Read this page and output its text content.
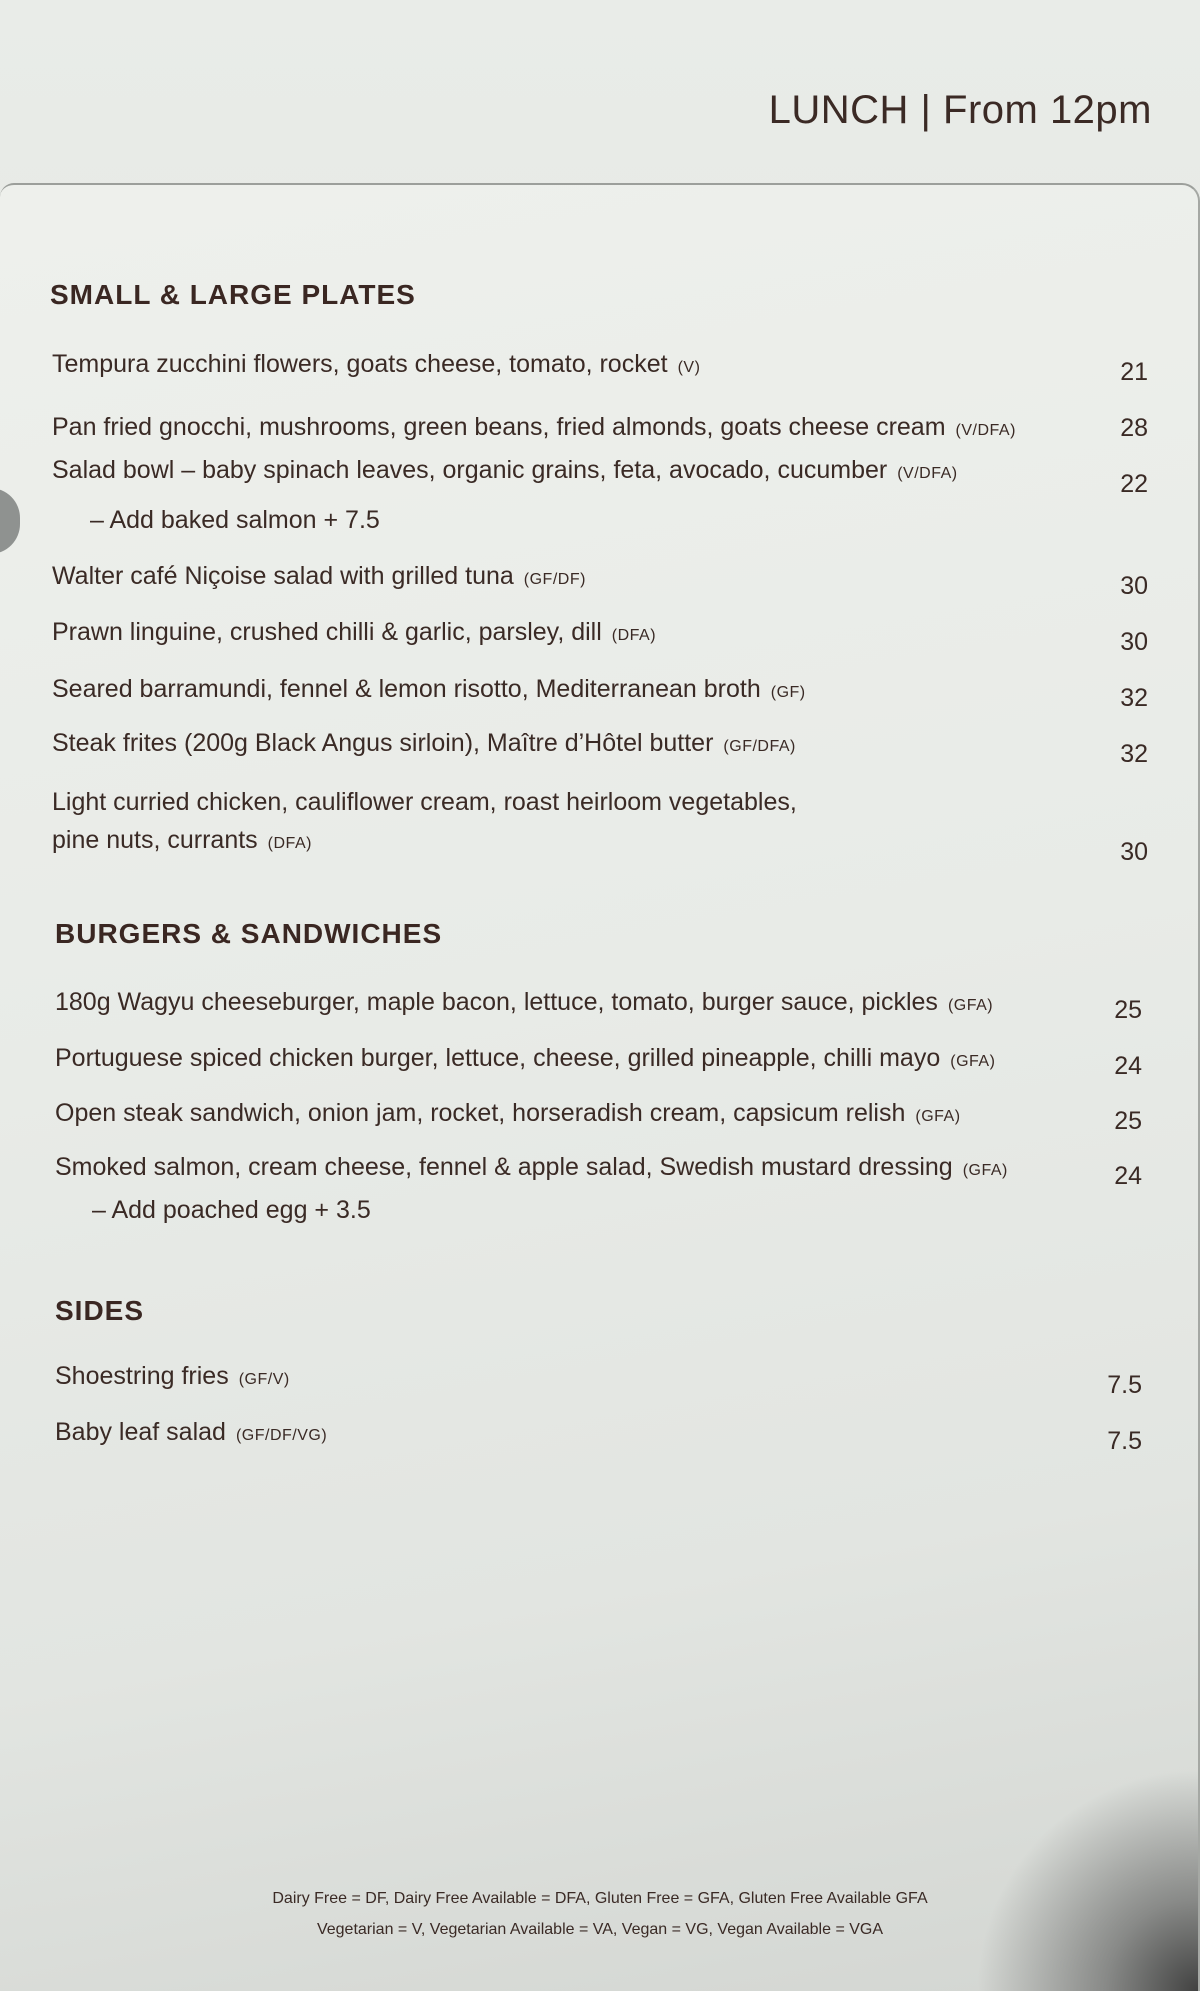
LUNCH | From 12pm
SMALL & LARGE PLATES
Tempura zucchini flowers, goats cheese, tomato, rocket (V)	21
Pan fried gnocchi, mushrooms, green beans, fried almonds, goats cheese cream (V/DFA)	28
Salad bowl – baby spinach leaves, organic grains, feta, avocado, cucumber (V/DFA)	22
– Add baked salmon + 7.5
Walter café Niçoise salad with grilled tuna (GF/DF)	30
Prawn linguine, crushed chilli & garlic, parsley, dill (DFA)	30
Seared barramundi, fennel & lemon risotto, Mediterranean broth (GF)	32
Steak frites (200g Black Angus sirloin), Maître d’Hôtel butter (GF/DFA)	32
Light curried chicken, cauliflower cream, roast heirloom vegetables,
pine nuts, currants (DFA)	30
BURGERS & SANDWICHES
180g Wagyu cheeseburger, maple bacon, lettuce, tomato, burger sauce, pickles (GFA)	25
Portuguese spiced chicken burger, lettuce, cheese, grilled pineapple, chilli mayo (GFA)	24
Open steak sandwich, onion jam, rocket, horseradish cream, capsicum relish (GFA)	25
Smoked salmon, cream cheese, fennel & apple salad, Swedish mustard dressing (GFA)	24
– Add poached egg + 3.5
SIDES
Shoestring fries (GF/V)	7.5
Baby leaf salad (GF/DF/VG)	7.5
Dairy Free = DF, Dairy Free Available = DFA, Gluten Free = GFA, Gluten Free Available GFA
Vegetarian = V, Vegetarian Available = VA, Vegan = VG, Vegan Available = VGA
